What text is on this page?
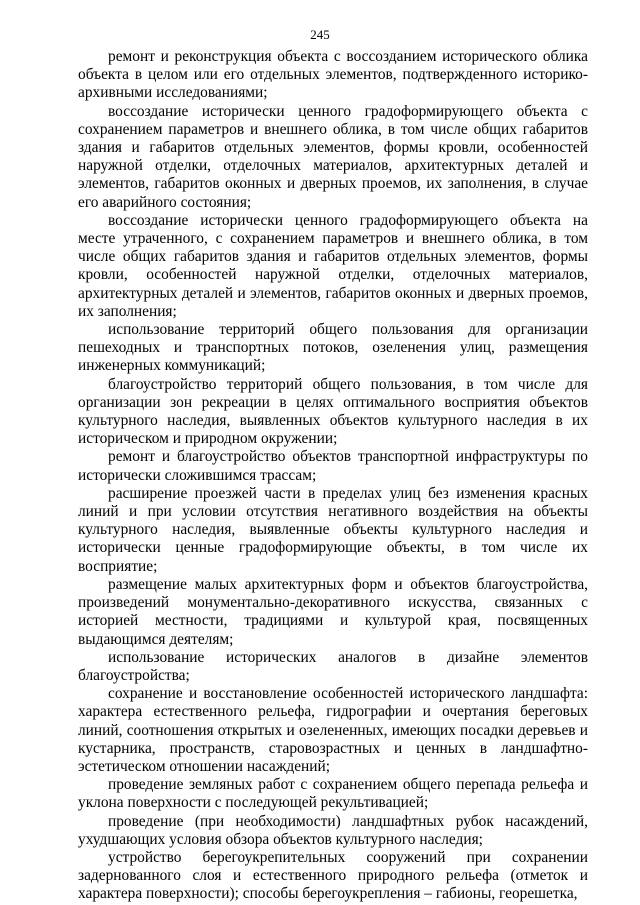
245

ремонт и реконструкция объекта с воссозданием исторического облика объекта в целом или его отдельных элементов, подтвержденного историко-архивными исследованиями;

воссоздание исторически ценного градоформирующего объекта с сохранением параметров и внешнего облика, в том числе общих габаритов здания и габаритов отдельных элементов, формы кровли, особенностей наружной отделки, отделочных материалов, архитектурных деталей и элементов, габаритов оконных и дверных проемов, их заполнения, в случае его аварийного состояния;

воссоздание исторически ценного градоформирующего объекта на месте утраченного, с сохранением параметров и внешнего облика, в том числе общих габаритов здания и габаритов отдельных элементов, формы кровли, особенностей наружной отделки, отделочных материалов, архитектурных деталей и элементов, габаритов оконных и дверных проемов, их заполнения;

использование территорий общего пользования для организации пешеходных и транспортных потоков, озеленения улиц, размещения инженерных коммуникаций;

благоустройство территорий общего пользования, в том числе для организации зон рекреации в целях оптимального восприятия объектов культурного наследия, выявленных объектов культурного наследия в их историческом и природном окружении;

ремонт и благоустройство объектов транспортной инфраструктуры по исторически сложившимся трассам;

расширение проезжей части в пределах улиц без изменения красных линий и при условии отсутствия негативного воздействия на объекты культурного наследия, выявленные объекты культурного наследия и исторически ценные градоформирующие объекты, в том числе их восприятие;

размещение малых архитектурных форм и объектов благоустройства, произведений монументально-декоративного искусства, связанных с историей местности, традициями и культурой края, посвященных выдающимся деятелям;

использование исторических аналогов в дизайне элементов благоустройства;

сохранение и восстановление особенностей исторического ландшафта: характера естественного рельефа, гидрографии и очертания береговых линий, соотношения открытых и озелененных, имеющих посадки деревьев и кустарника, пространств, старовозрастных и ценных в ландшафтно-эстетическом отношении насаждений;

проведение земляных работ с сохранением общего перепада рельефа и уклона поверхности с последующей рекультивацией;

проведение (при необходимости) ландшафтных рубок насаждений, ухудшающих условия обзора объектов культурного наследия;

устройство берегоукрепительных сооружений при сохранении задернованного слоя и естественного природного рельефа (отметок и характера поверхности); способы берегоукрепления – габионы, георешетка,
